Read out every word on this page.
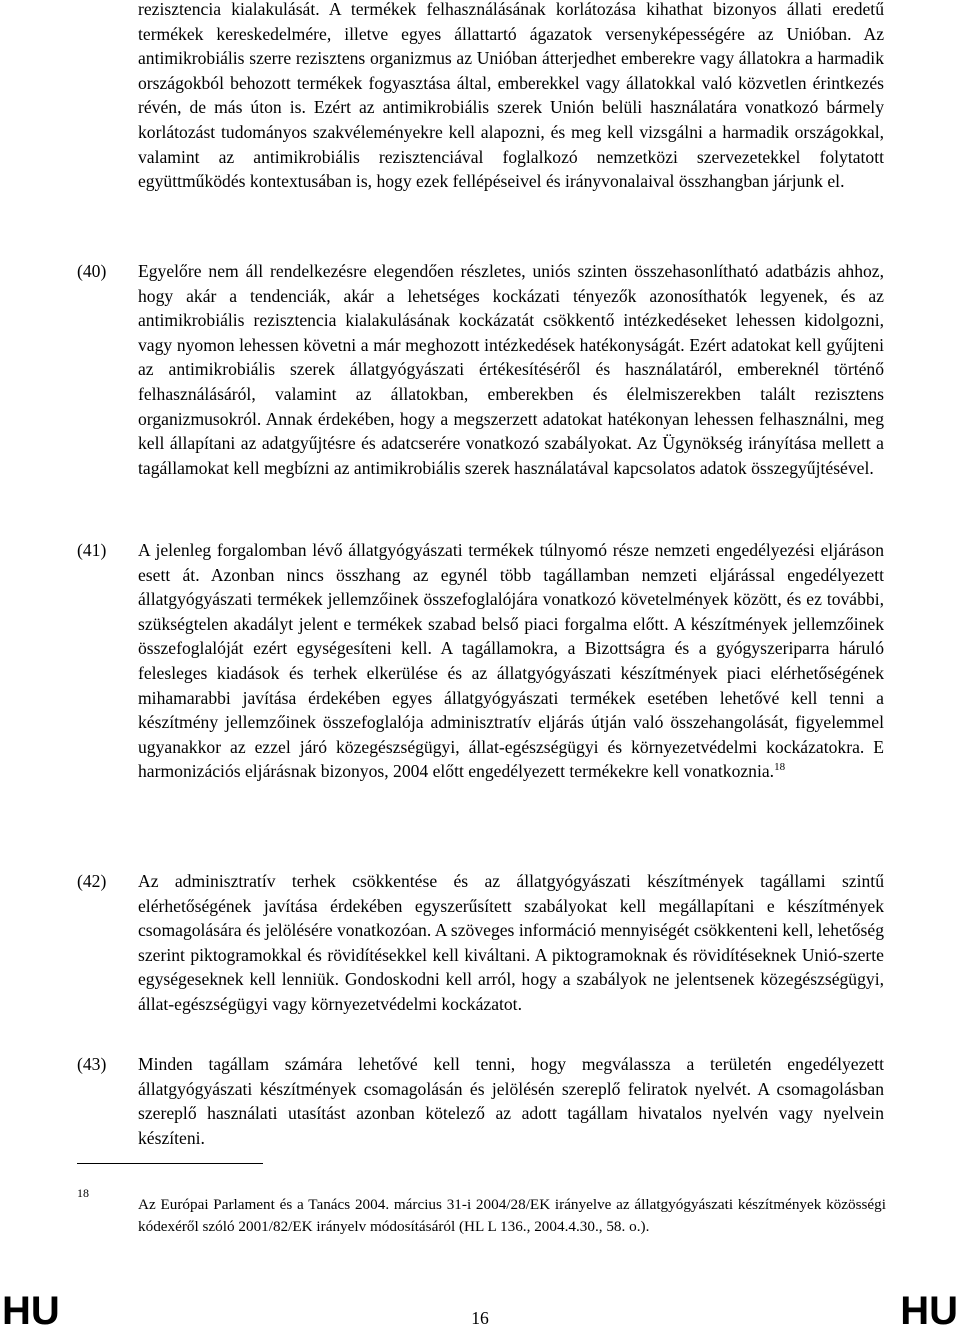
rezisztencia kialakulását. A termékek felhasználásának korlátozása kihathat bizonyos állati eredetű termékek kereskedelmére, illetve egyes állattartó ágazatok versenyképességére az Unióban. Az antimikrobiális szerre rezisztens organizmus az Unióban átterjedhet emberekre vagy állatokra a harmadik országokból behozott termékek fogyasztása által, emberekkel vagy állatokkal való közvetlen érintkezés révén, de más úton is. Ezért az antimikrobiális szerek Unión belüli használatára vonatkozó bármely korlátozást tudományos szakvéleményekre kell alapozni, és meg kell vizsgálni a harmadik országokkal, valamint az antimikrobiális rezisztenciával foglalkozó nemzetközi szervezetekkel folytatott együttműködés kontextusában is, hogy ezek fellépéseivel és irányvonalaival összhangban járjunk el.

(40) Egyelőre nem áll rendelkezésre elegendően részletes, uniós szinten összehasonlítható adatbázis ahhoz, hogy akár a tendenciák, akár a lehetséges kockázati tényezők azonosíthatók legyenek, és az antimikrobiális rezisztencia kialakulásának kockázatát csökkentő intézkedéseket lehessen kidolgozni, vagy nyomon lehessen követni a már meghozott intézkedések hatékonyságát. Ezért adatokat kell gyűjteni az antimikrobiális szerek állatgyógyászati értékesítéséről és használatáról, embereknél történő felhasználásáról, valamint az állatokban, emberekben és élelmiszerekben talált rezisztens organizmusokról. Annak érdekében, hogy a megszerzett adatokat hatékonyan lehessen felhasználni, meg kell állapítani az adatgyűjtésre és adatcserére vonatkozó szabályokat. Az Ügynökség irányítása mellett a tagállamokat kell megbízni az antimikrobiális szerek használatával kapcsolatos adatok összegyűjtésével.

(41) A jelenleg forgalomban lévő állatgyógyászati termékek túlnyomó része nemzeti engedélyezési eljáráson esett át. Azonban nincs összhang az egynél több tagállamban nemzeti eljárással engedélyezett állatgyógyászati termékek jellemzőinek összefoglalójára vonatkozó követelmények között, és ez további, szükségtelen akadályt jelent e termékek szabad belső piaci forgalma előtt. A készítmények jellemzőinek összefoglalóját ezért egységesíteni kell. A tagállamokra, a Bizottságra és a gyógyszeriparra háruló felesleges kiadások és terhek elkerülése és az állatgyógyászati készítmények piaci elérhetőségének mihamarabbi javítása érdekében egyes állatgyógyászati termékek esetében lehetővé kell tenni a készítmény jellemzőinek összefoglalója adminisztratív eljárás útján való összehangolását, figyelemmel ugyanakkor az ezzel járó közegészségügyi, állat-egészségügyi és környezetvédelmi kockázatokra. E harmonizációs eljárásnak bizonyos, 2004 előtt engedélyezett termékekre kell vonatkoznia.$^{18}$

(42) Az adminisztratív terhek csökkentése és az állatgyógyászati készítmények tagállami szintű elérhetőségének javítása érdekében egyszerűsített szabályokat kell megállapítani e készítmények csomagolására és jelölésére vonatkozóan. A szöveges információ mennyiségét csökkenteni kell, lehetőség szerint piktogramokkal és rövidítésekkel kell kiváltani. A piktogramoknak és rövidítéseknek Unió-szerte egységeseknek kell lenniük. Gondoskodni kell arról, hogy a szabályok ne jelentsenek közegészségügyi, állat-egészségügyi vagy környezetvédelmi kockázatot.

(43) Minden tagállam számára lehetővé kell tenni, hogy megválassza a területén engedélyezett állatgyógyászati készítmények csomagolásán és jelölésén szereplő feliratok nyelvét. A csomagolásban szereplő használati utasítást azonban kötelező az adott tagállam hivatalos nyelvén vagy nyelvein készíteni.

18

Az Európai Parlament és a Tanács 2004. március 31-i 2004/28/EK irányelve az állatgyógyászati készítmények közösségi kódexéről szóló 2001/82/EK irányelv módosításáról (HL L 136., 2004.4.30., 58. o.).

HU	16	HU
